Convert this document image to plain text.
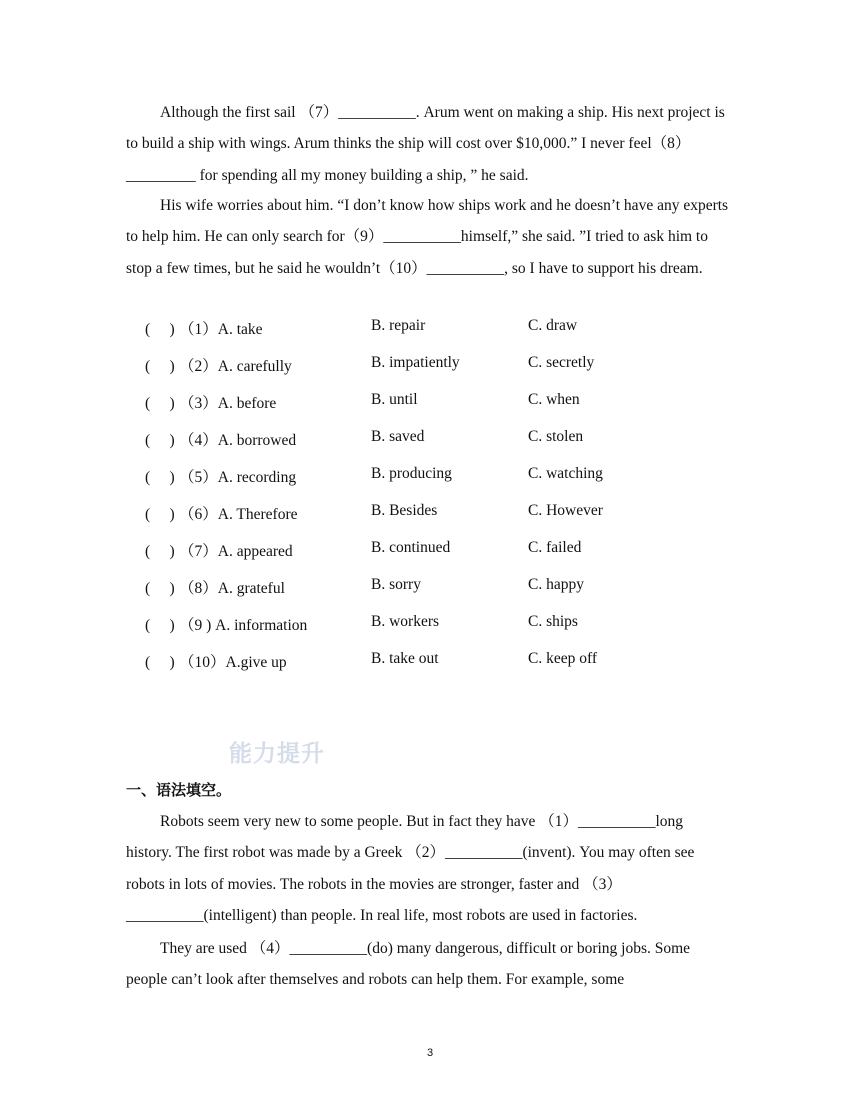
Although the first sail （7）__________. Arum went on making a ship. His next project is to build a ship with wings. Arum thinks the ship will cost over $10,000.” I never feel（8）_________ for spending all my money building a ship, ” he said.

His wife worries about him. “I don’t know how ships work and he doesn’t have any experts to help him. He can only search for（9）__________himself,” she said. ”I tried to ask him to stop a few times, but he said he wouldn’t（10）__________, so I have to support his dream.

(　 ) （1）A. take	B. repair	C. draw
(　 ) （2）A. carefully	B. impatiently	C. secretly
(　 ) （3）A. before	B. until	C. when
(　 ) （4）A. borrowed	B. saved	C. stolen
(　 ) （5）A. recording	B. producing	C. watching
(　 ) （6）A. Therefore	B. Besides	C. However
(　 ) （7）A. appeared	B. continued	C. failed
(　 ) （8）A. grateful	B. sorry	C. happy
(　 ) （9 ) A. information	B. workers	C. ships
(　 ) （10）A.give up	B. take out	C. keep off
能力提升
一、语法填空。

Robots seem very new to some people. But in fact they have （1）__________long history. The first robot was made by a Greek （2）__________(invent). You may often see robots in lots of movies. The robots in the movies are stronger, faster and （3）__________(intelligent) than people. In real life, most robots are used in factories.

They are used （4）__________(do) many dangerous, difficult or boring jobs. Some people can’t look after themselves and robots can help them. For example, some

3
